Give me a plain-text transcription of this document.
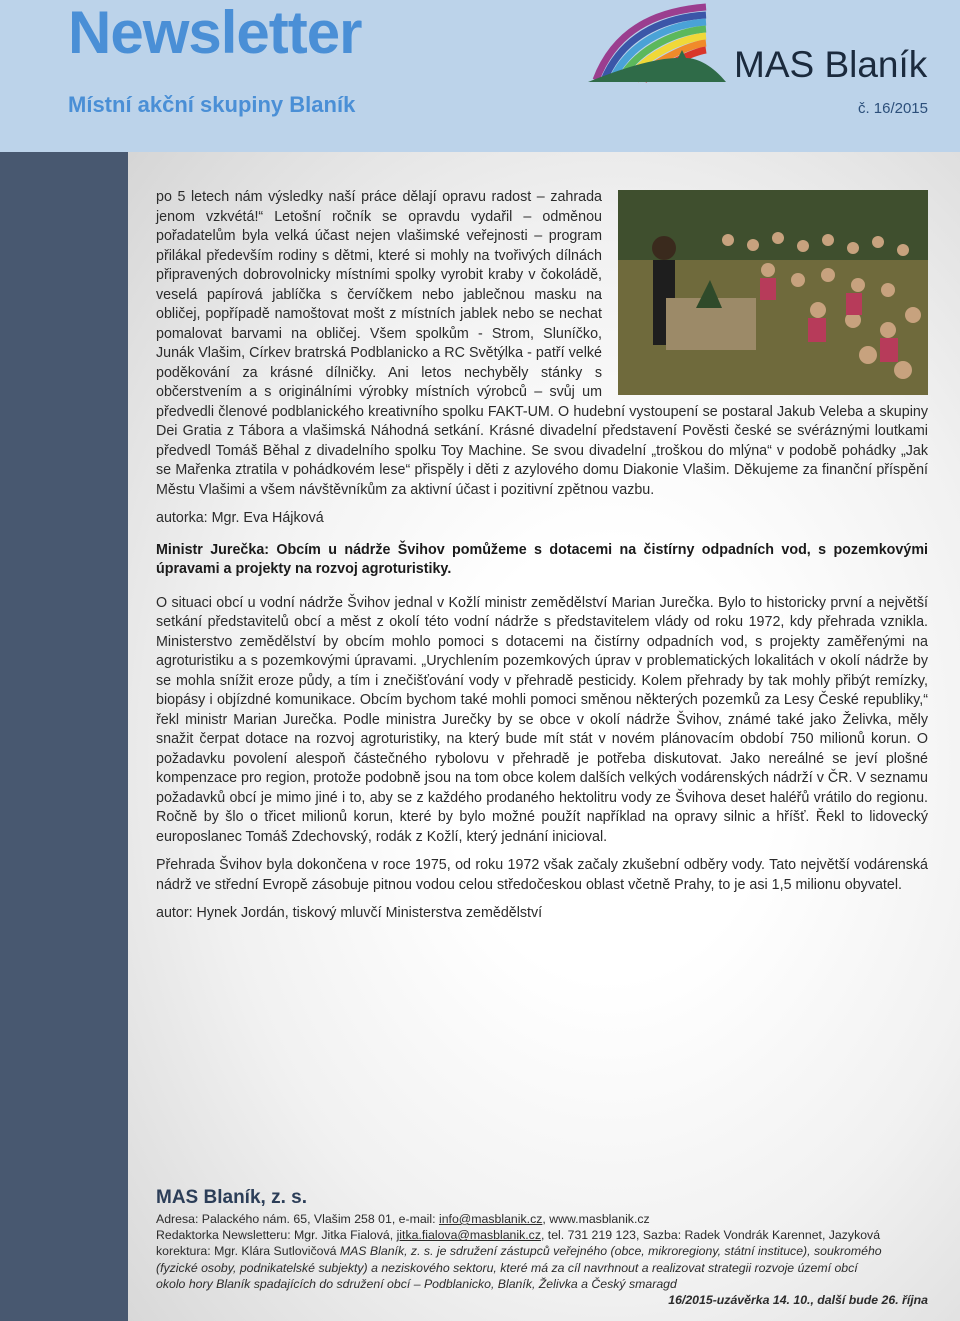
Newsletter
Místní akční skupiny Blaník
MAS Blaník
č. 16/2015

po 5 letech nám výsledky naší práce dělají opravu radost – zahrada jenom vzkvétá!“ Letošní ročník se opravdu vydařil – odměnou pořadatelům byla velká účast nejen vlašimské veřejnosti – program přilákal především rodiny s dětmi, které si mohly na tvořivých dílnách připravených dobrovolnicky místními spolky vyrobit kraby v čokoládě, veselá papírová jablíčka s červíčkem nebo jablečnou masku na obličej, popřípadě namoštovat mošt z místních jablek nebo se nechat pomalovat barvami na obličej. Všem spolkům - Strom, Sluníčko, Junák Vlašim, Církev bratrská Podblanicko a RC Světýlka - patří velké poděkování za krásné dílničky. Ani letos nechyběly stánky s občerstvením a s originálními výrobky místních výrobců – svůj um předvedli členové podblanického kreativního spolku FAKT-UM. O hudební vystoupení se postaral Jakub Veleba a skupiny Dei Gratia z Tábora a vlašimská Náhodná setkání. Krásné divadelní představení Pověsti české se svéráznými loutkami předvedl Tomáš Běhal z divadelního spolku Toy Machine. Se svou divadelní „troškou do mlýna“ v podobě pohádky „Jak se Mařenka ztratila v pohádkovém lese“ přispěly i děti z azylového domu Diakonie Vlašim. Děkujeme za finanční příspění Městu Vlašimi a všem návštěvníkům za aktivní účast i pozitivní zpětnou vazbu.

autorka: Mgr. Eva Hájková

Ministr Jurečka: Obcím u nádrže Švihov pomůžeme s dotacemi na čistírny odpadních vod, s pozemkovými úpravami a projekty na rozvoj agroturistiky.

O situaci obcí u vodní nádrže Švihov jednal v Kožlí ministr zemědělství Marian Jurečka. Bylo to historicky první a největší setkání představitelů obcí a měst z okolí této vodní nádrže s představitelem vlády od roku 1972, kdy přehrada vznikla. Ministerstvo zemědělství by obcím mohlo pomoci s dotacemi na čistírny odpadních vod, s projekty zaměřenými na agroturistiku a s pozemkovými úpravami. „Urychlením pozemkových úprav v problematických lokalitách v okolí nádrže by se mohla snížit eroze půdy, a tím i znečišťování vody v přehradě pesticidy. Kolem přehrady by tak mohly přibýt remízky, biopásy i objízdné komunikace. Obcím bychom také mohli pomoci směnou některých pozemků za Lesy České republiky,“ řekl ministr Marian Jurečka. Podle ministra Jurečky by se obce v okolí nádrže Švihov, známé také jako Želivka, měly snažit čerpat dotace na rozvoj agroturistiky, na který bude mít stát v novém plánovacím období 750 milionů korun. O požadavku povolení alespoň částečného rybolovu v přehradě je potřeba diskutovat. Jako nereálné se jeví plošné kompenzace pro region, protože podobně jsou na tom obce kolem dalších velkých vodárenských nádrží v ČR. V seznamu požadavků obcí je mimo jiné i to, aby se z každého prodaného hektolitru vody ze Švihova deset haléřů vrátilo do regionu. Ročně by šlo o třicet milionů korun, které by bylo možné použít například na opravy silnic a hříšť. Řekl to lidovecký europoslanec Tomáš Zdechovský, rodák z Kožlí, který jednání inicioval.

Přehrada Švihov byla dokončena v roce 1975, od roku 1972 však začaly zkušební odběry vody. Tato největší vodárenská nádrž ve střední Evropě zásobuje pitnou vodou celou středočeskou oblast včetně Prahy, to je asi 1,5 milionu obyvatel.

autor: Hynek Jordán, tiskový mluvčí Ministerstva zemědělství

MAS Blaník, z. s.

Adresa: Palackého nám. 65, Vlašim 258 01, e-mail: info@masblanik.cz, www.masblanik.cz

Redaktorka Newsletteru: Mgr. Jitka Fialová, jitka.fialova@masblanik.cz, tel. 731 219 123, Sazba: Radek Vondrák Karennet, Jazyková

korektura: Mgr. Klára Sutlovičová MAS Blaník, z. s. je sdružení zástupců veřejného (obce, mikroregiony, státní instituce), soukromého

(fyzické osoby, podnikatelské subjekty) a neziskového sektoru, které má za cíl navrhnout a realizovat strategii rozvoje území obcí

okolo hory Blaník spadajících do sdružení obcí – Podblanicko, Blaník, Želivka a Český smaragd

16/2015-uzávěrka 14. 10., další bude 26. října
